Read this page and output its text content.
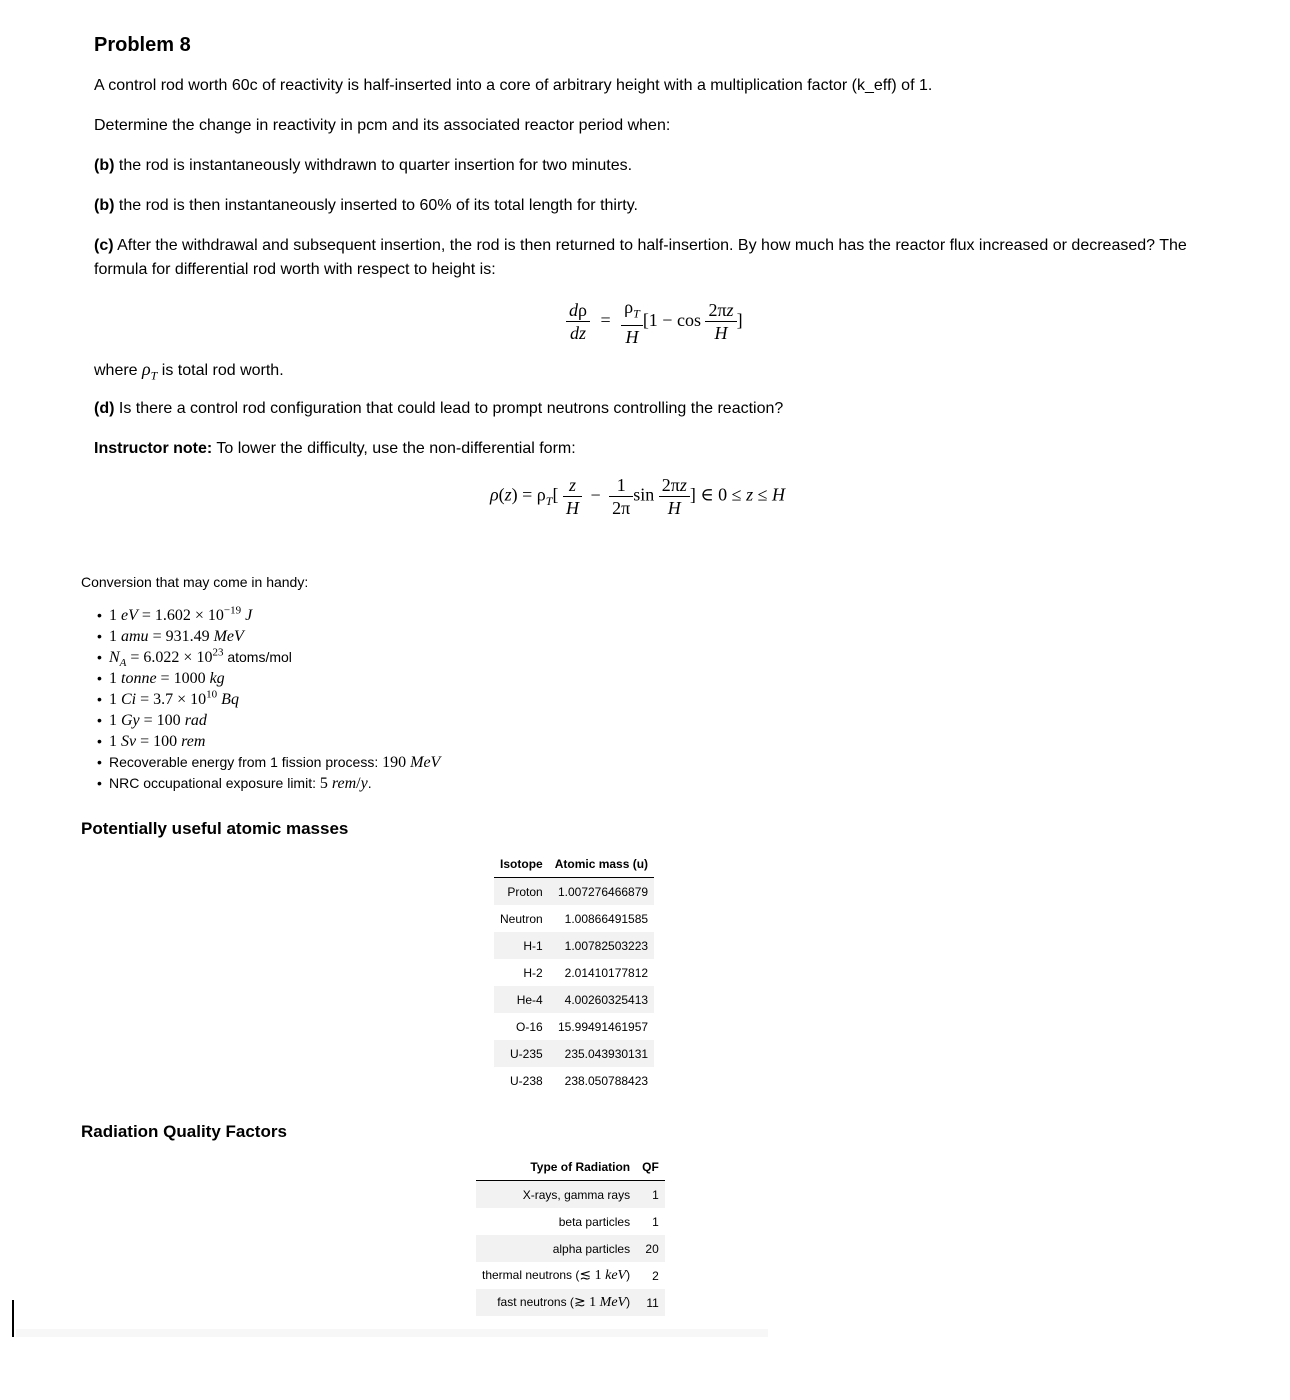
Problem 8
A control rod worth 60c of reactivity is half-inserted into a core of arbitrary height with a multiplication factor (k_eff) of 1.
Determine the change in reactivity in pcm and its associated reactor period when:
(b) the rod is instantaneously withdrawn to quarter insertion for two minutes.
(b) the rod is then instantaneously inserted to 60% of its total length for thirty.
(c) After the withdrawal and subsequent insertion, the rod is then returned to half-insertion. By how much has the reactor flux increased or decreased? The formula for differential rod worth with respect to height is:
$\frac{d\rho}{dz} = \frac{\rho_T}{H} [1 - \cos \frac{2\pi z}{H}$ ]
where $\rho_T$ is total rod worth.
(d) Is there a control rod configuration that could lead to prompt neutrons controlling the reaction?
Instructor note: To lower the difficulty, use the non-differential form:
$\rho(z) = \rho_T[ \frac{z}{H} - \frac{1}{2\pi}$ $\sin \frac{2\pi z}{H}$ ] ∈ 0 ≤ z ≤ H
Conversion that may come in handy:
• 1 eV = $1.602 \times 10^{-19}$ J
• 1 amu = 931.49 MeV
• $N_A = 6.022 \times 10^{23}$ atoms/mol
• 1 tonne = 1000 kg
• 1 $Ci = 3.7 \times 10^{10}$ Bq
• 1 Gy = 100 rad
• 1 Sv = 100 rem
• Recoverable energy from 1 fission process: 190 MeV
• NRC occupational exposure limit: 5 rem/y.
Potentially useful atomic masses
Isotope	Atomic mass (u)
Proton	1.007276466879
Neutron	1.00866491585
H-1	1.00782503223
H-2	2.01410177812
He-4	4.00260325413
O-16	15.99491461957
U-235	235.043930131
U-238	238.050788423
Radiation Quality Factors
Type of Radiation	QF
X-rays, gamma rays	1
beta particles	1
alpha particles	20
thermal neutrons (≲ 1 keV)	2
fast neutrons (≳ 1 MeV)	11
